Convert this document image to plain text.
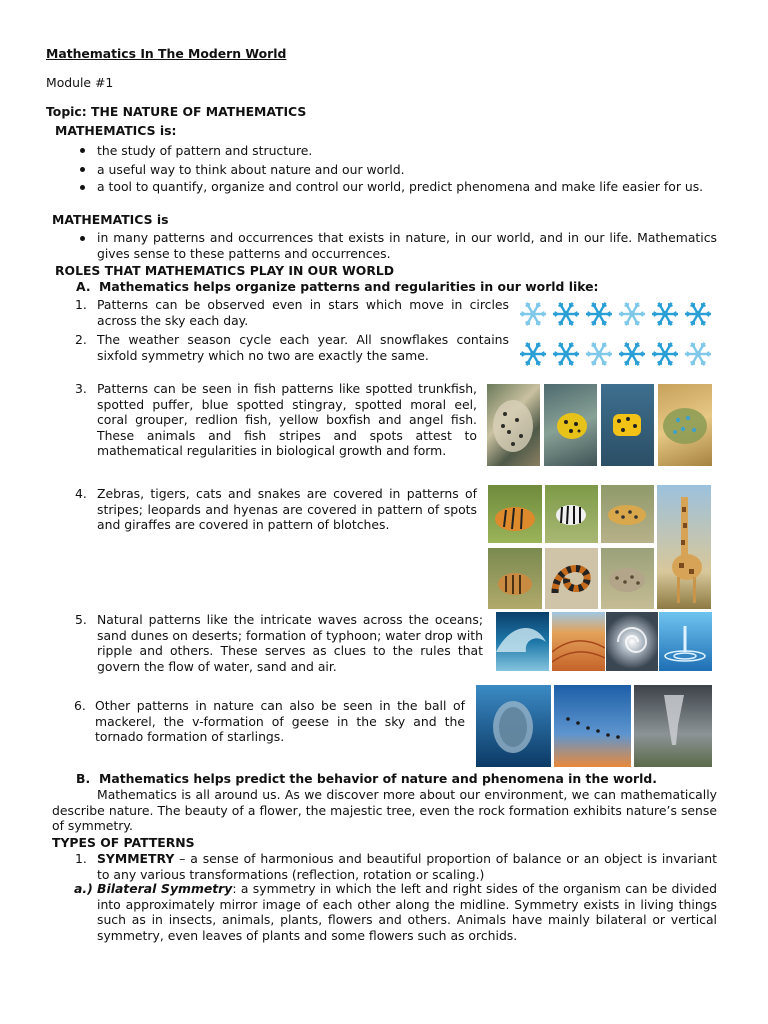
Mathematics In The Modern World
Module #1
Topic: THE NATURE OF MATHEMATICS
MATHEMATICS is:
the study of pattern and structure.
a useful way to think about nature and our world.
a tool to quantify, organize and control our world, predict phenomena and make life easier for us.
MATHEMATICS is
in many patterns and occurrences that exists in nature, in our world, and in our life. Mathematics gives sense to these patterns and occurrences.
ROLES THAT MATHEMATICS PLAY IN OUR WORLD
A. Mathematics helps organize patterns and regularities in our world like:
1. Patterns can be observed even in stars which move in circles across the sky each day.
2. The weather season cycle each year. All snowflakes contains sixfold symmetry which no two are exactly the same.
3. Patterns can be seen in fish patterns like spotted trunkfish, spotted puffer, blue spotted stingray, spotted moral eel, coral grouper, redlion fish, yellow boxfish and angel fish. These animals and fish stripes and spots attest to mathematical regularities in biological growth and form.
4. Zebras, tigers, cats and snakes are covered in patterns of stripes; leopards and hyenas are covered in pattern of spots and giraffes are covered in pattern of blotches.
5. Natural patterns like the intricate waves across the oceans; sand dunes on deserts; formation of typhoon; water drop with ripple and others. These serves as clues to the rules that govern the flow of water, sand and air.
6. Other patterns in nature can also be seen in the ball of mackerel, the v-formation of geese in the sky and the tornado formation of starlings.
B. Mathematics helps predict the behavior of nature and phenomena in the world.
Mathematics is all around us. As we discover more about our environment, we can mathematically describe nature. The beauty of a flower, the majestic tree, even the rock formation exhibits nature’s sense of symmetry.
TYPES OF PATTERNS
1. SYMMETRY – a sense of harmonious and beautiful proportion of balance or an object is invariant to any various transformations (reflection, rotation or scaling.)
a.) Bilateral Symmetry: a symmetry in which the left and right sides of the organism can be divided into approximately mirror image of each other along the midline. Symmetry exists in living things such as in insects, animals, plants, flowers and others. Animals have mainly bilateral or vertical symmetry, even leaves of plants and some flowers such as orchids.
